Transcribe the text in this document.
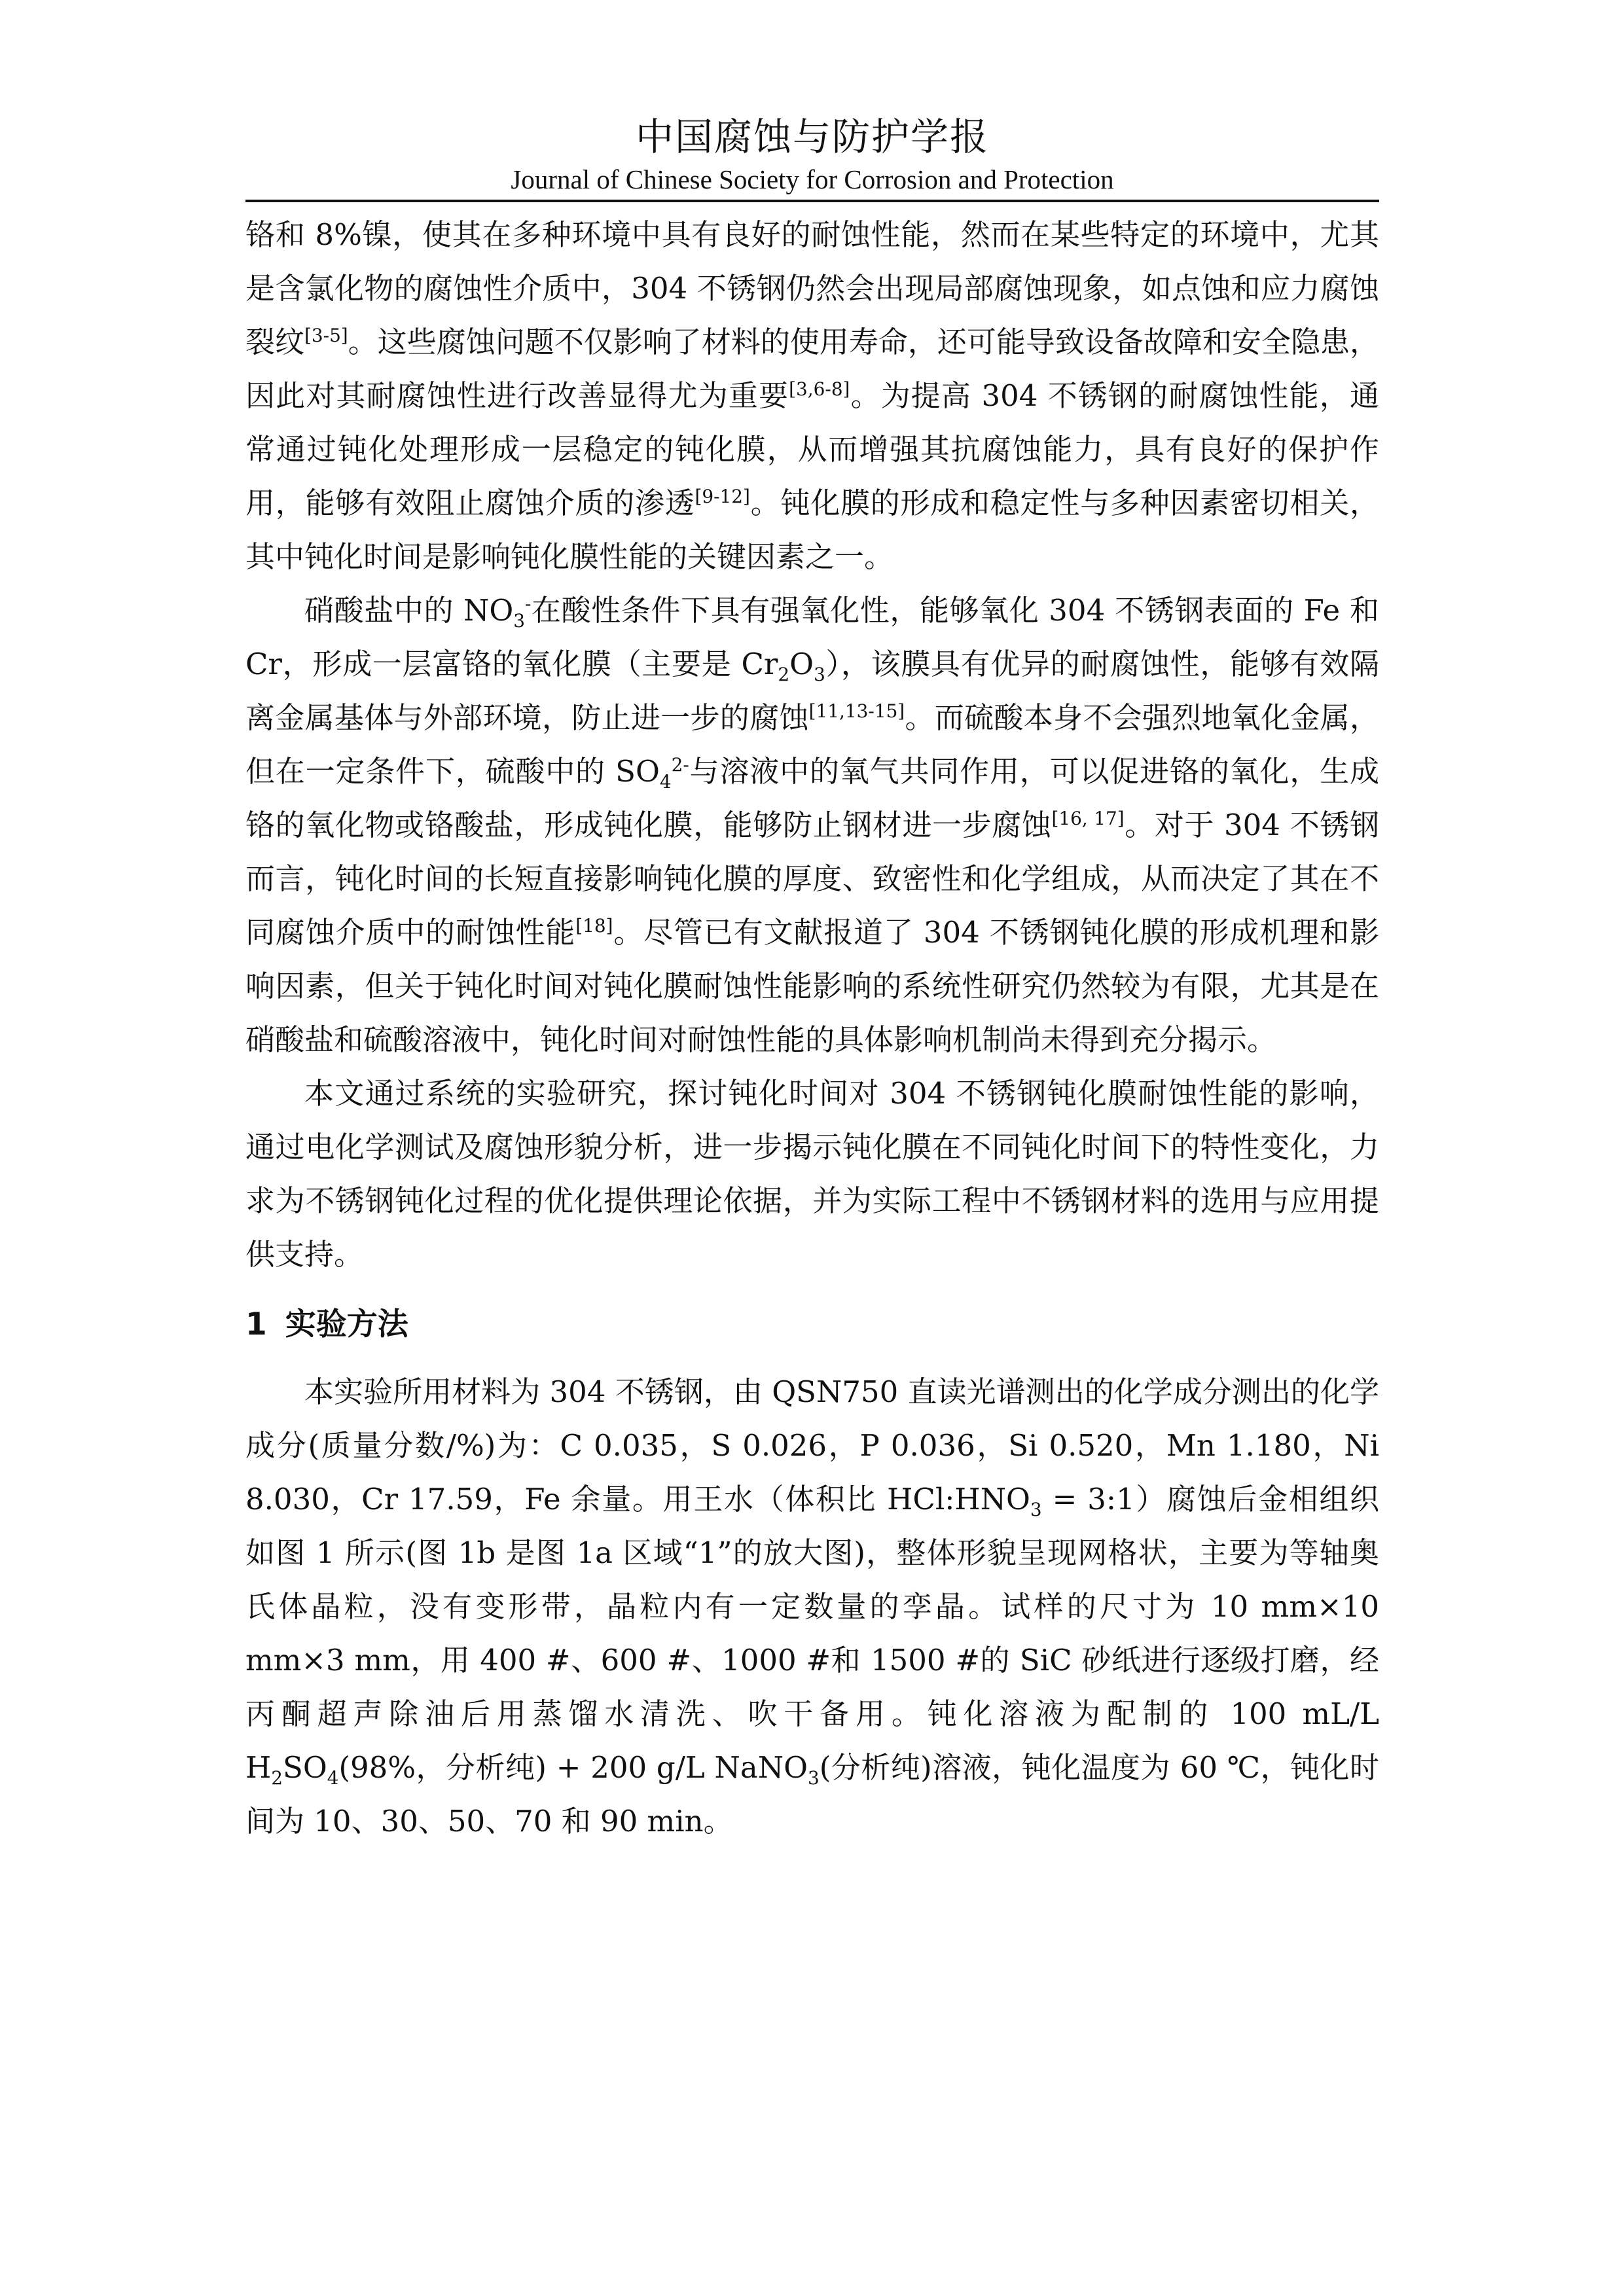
中国腐蚀与防护学报

Journal of Chinese Society for Corrosion and Protection

铬和 8%镍，使其在多种环境中具有良好的耐蚀性能，然而在某些特定的环境中，尤其是含氯化物的腐蚀性介质中，304 不锈钢仍然会出现局部腐蚀现象，如点蚀和应力腐蚀裂纹[3-5]。这些腐蚀问题不仅影响了材料的使用寿命，还可能导致设备故障和安全隐患，因此对其耐腐蚀性进行改善显得尤为重要[3,6-8]。为提高 304 不锈钢的耐腐蚀性能，通常通过钝化处理形成一层稳定的钝化膜，从而增强其抗腐蚀能力，具有良好的保护作用，能够有效阻止腐蚀介质的渗透[9-12]。钝化膜的形成和稳定性与多种因素密切相关，其中钝化时间是影响钝化膜性能的关键因素之一。

硝酸盐中的 $NO_3^-$在酸性条件下具有强氧化性，能够氧化 304 不锈钢表面的 Fe 和 Cr，形成一层富铬的氧化膜（主要是 $Cr_2O_3$），该膜具有优异的耐腐蚀性，能够有效隔离金属基体与外部环境，防止进一步的腐蚀[11,13-15]。而硫酸本身不会强烈地氧化金属，但在一定条件下，硫酸中的 $SO_4^{2-}$与溶液中的氧气共同作用，可以促进铬的氧化，生成铬的氧化物或铬酸盐，形成钝化膜，能够防止钢材进一步腐蚀[16, 17]。对于 304 不锈钢而言，钝化时间的长短直接影响钝化膜的厚度、致密性和化学组成，从而决定了其在不同腐蚀介质中的耐蚀性能[18]。尽管已有文献报道了 304 不锈钢钝化膜的形成机理和影响因素，但关于钝化时间对钝化膜耐蚀性能影响的系统性研究仍然较为有限，尤其是在硝酸盐和硫酸溶液中，钝化时间对耐蚀性能的具体影响机制尚未得到充分揭示。

本文通过系统的实验研究，探讨钝化时间对 304 不锈钢钝化膜耐蚀性能的影响，通过电化学测试及腐蚀形貌分析，进一步揭示钝化膜在不同钝化时间下的特性变化，力求为不锈钢钝化过程的优化提供理论依据，并为实际工程中不锈钢材料的选用与应用提供支持。

1 实验方法

本实验所用材料为 304 不锈钢，由 QSN750 直读光谱测出的化学成分测出的化学成分(质量分数/%)为：C 0.035，S 0.026，P 0.036，Si 0.520，Mn 1.180，Ni 8.030，Cr 17.59，Fe 余量。用王水（体积比 $HCl:HNO_3$ = 3:1）腐蚀后金相组织如图 1 所示(图 1b 是图 1a 区域“1”的放大图)，整体形貌呈现网格状，主要为等轴奥氏体晶粒，没有变形带，晶粒内有一定数量的孪晶。试样的尺寸为 10 mm×10 mm×3 mm，用 400 #、600 #、1000 #和 1500 #的 SiC 砂纸进行逐级打磨，经丙酮超声除油后用蒸馏水清洗、吹干备用。钝化溶液为配制的 100 mL/L $H_2SO_4(98\%$，分析纯) + 200 g/L NaNO$_3$(分析纯)溶液，钝化温度为 60 ℃，钝化时间为 10、30、50、70 和 90 min。
